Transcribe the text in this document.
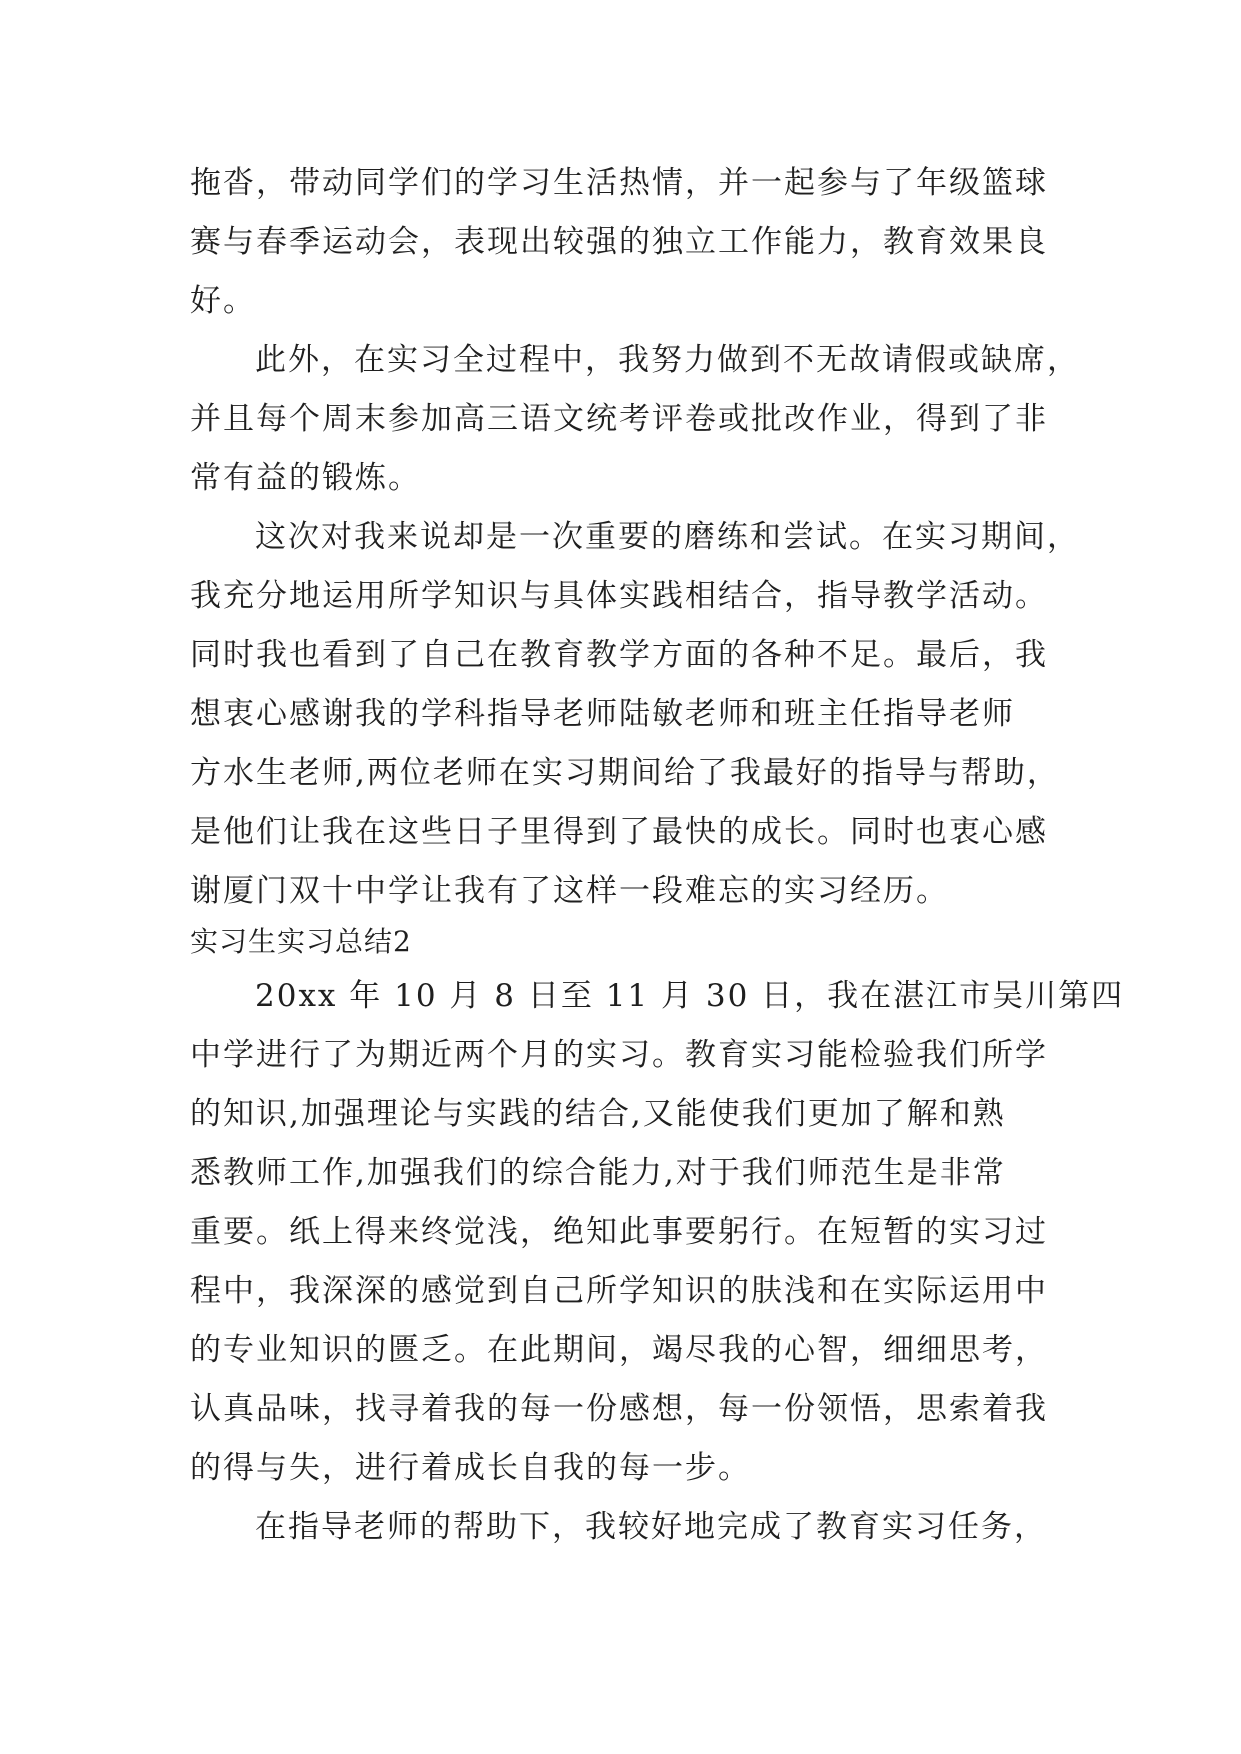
拖沓，带动同学们的学习生活热情，并一起参与了年级篮球

赛与春季运动会，表现出较强的独立工作能力，教育效果良

好。

此外，在实习全过程中，我努力做到不无故请假或缺席，

并且每个周末参加高三语文统考评卷或批改作业，得到了非

常有益的锻炼。

这次对我来说却是一次重要的磨练和尝试。在实习期间，

我充分地运用所学知识与具体实践相结合，指导教学活动。

同时我也看到了自己在教育教学方面的各种不足。最后，我

想衷心感谢我的学科指导老师陆敏老师和班主任指导老师

方水生老师,两位老师在实习期间给了我最好的指导与帮助，

是他们让我在这些日子里得到了最快的成长。同时也衷心感

谢厦门双十中学让我有了这样一段难忘的实习经历。

实习生实习总结2

20xx 年 10 月 8 日至 11 月 30 日，我在湛江市吴川第四

中学进行了为期近两个月的实习。教育实习能检验我们所学

的知识,加强理论与实践的结合,又能使我们更加了解和熟

悉教师工作,加强我们的综合能力,对于我们师范生是非常

重要。纸上得来终觉浅，绝知此事要躬行。在短暂的实习过

程中，我深深的感觉到自己所学知识的肤浅和在实际运用中

的专业知识的匮乏。在此期间，竭尽我的心智，细细思考，

认真品味，找寻着我的每一份感想，每一份领悟，思索着我

的得与失，进行着成长自我的每一步。

在指导老师的帮助下，我较好地完成了教育实习任务，
